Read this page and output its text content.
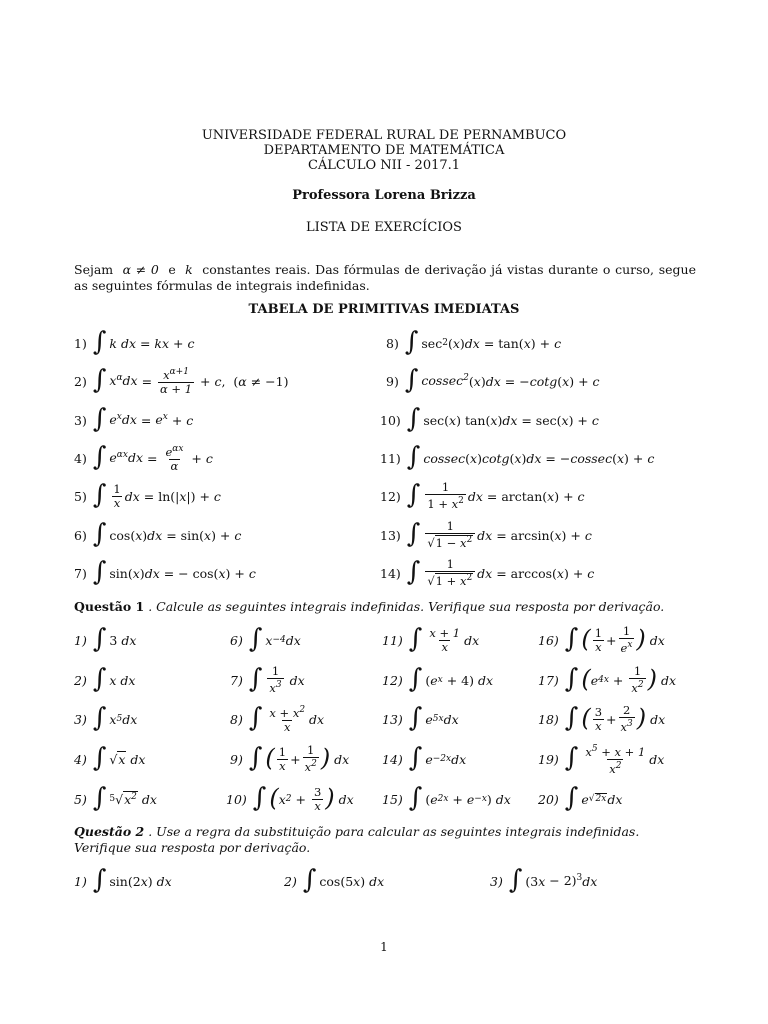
UNIVERSIDADE FEDERAL RURAL DE PERNAMBUCO
DEPARTAMENTO DE MATEMÁTICA
CÁLCULO NII - 2017.1
Professora Lorena Brizza
LISTA DE EXERCÍCIOS
Sejam α ≠ 0 e k constantes reais. Das fórmulas de derivação já vistas durante o curso, segue as seguintes fórmulas de integrais indefinidas.
TABELA DE PRIMITIVAS IMEDIATAS
1) ∫ k dx = kx + c
2) ∫ $x^\alpha dx = \frac{x^{\alpha+1}}{\alpha + 1} + c$ ,  ( α ≠ −1)
3) ∫ $e^xdx = e^x + c$
4) ∫ $e^{\alpha x}dx = \frac{e^{\alpha x}}{\alpha} + c$
5) ∫ $\frac{1}{x}$ dx = ln(| x |) + c
6) ∫ cos( x ) dx = sin( x ) + c
7) ∫ sin( x ) dx = − cos( x ) + c
8) ∫ sec 2 ( x ) dx = tan( x ) + c
9) ∫ cossec$^2$ ( x ) dx = − cotg ( x ) + c
10) ∫ sec( x ) tan( x ) dx = sec( x ) + c
11) ∫ cossec ( x ) cotg ( x ) dx = − cossec ( x ) + c
12) ∫ $\frac{1}{1 + x^2}$ dx = arctan( x ) + c
13) ∫ $\frac{1}{√1 - x^2}$ dx = arcsin( x ) + c
14) ∫ $\frac{1}{√1 + x^2}$ dx = arccos( x ) + c
Questão 1 . Calcule as seguintes integrais indefinidas. Verifique sua resposta por derivação.
1) ∫ 3 dx
2) ∫ x dx
3) ∫ x 5 dx
4) ∫ √ x dx
5) ∫ 5 √ $x^2$ dx
6) ∫ x −4 dx
7) ∫ $\frac{1}{x^3}$ dx
8) ∫ $\frac{x + x^2}{x}$ dx
9) ∫ ( $\frac{1}{x} + \frac{1}{x^2}$ ) dx
10) ∫ ( x $2 + \frac{3}{x}$ ) dx
11) ∫ $\frac{x + 1}{x}$ dx
12) ∫ ( e x + 4) dx
13) ∫ e 5x dx
14) ∫ e −2x dx
15) ∫ ( e 2x + e −x ) dx
16) ∫ ( $\frac{1}{x} + \frac{1}{e^x}$ ) dx
17) ∫ ( e $4x + \frac{1}{x^2}$ ) dx
18) ∫ ( $\frac{3}{x} + \frac{2}{x^3}$ ) dx
19) ∫ $\frac{x^5 + x + 1}{x^2}$ dx
20) ∫ e √2x dx
Questão 2 . Use a regra da substituição para calcular as seguintes integrais indefinidas. Verifique sua resposta por derivação.
1) ∫ sin(2 x ) dx	2) ∫ cos(5 x ) dx	3) ∫ (3 x − 2)$^3$ dx
1
